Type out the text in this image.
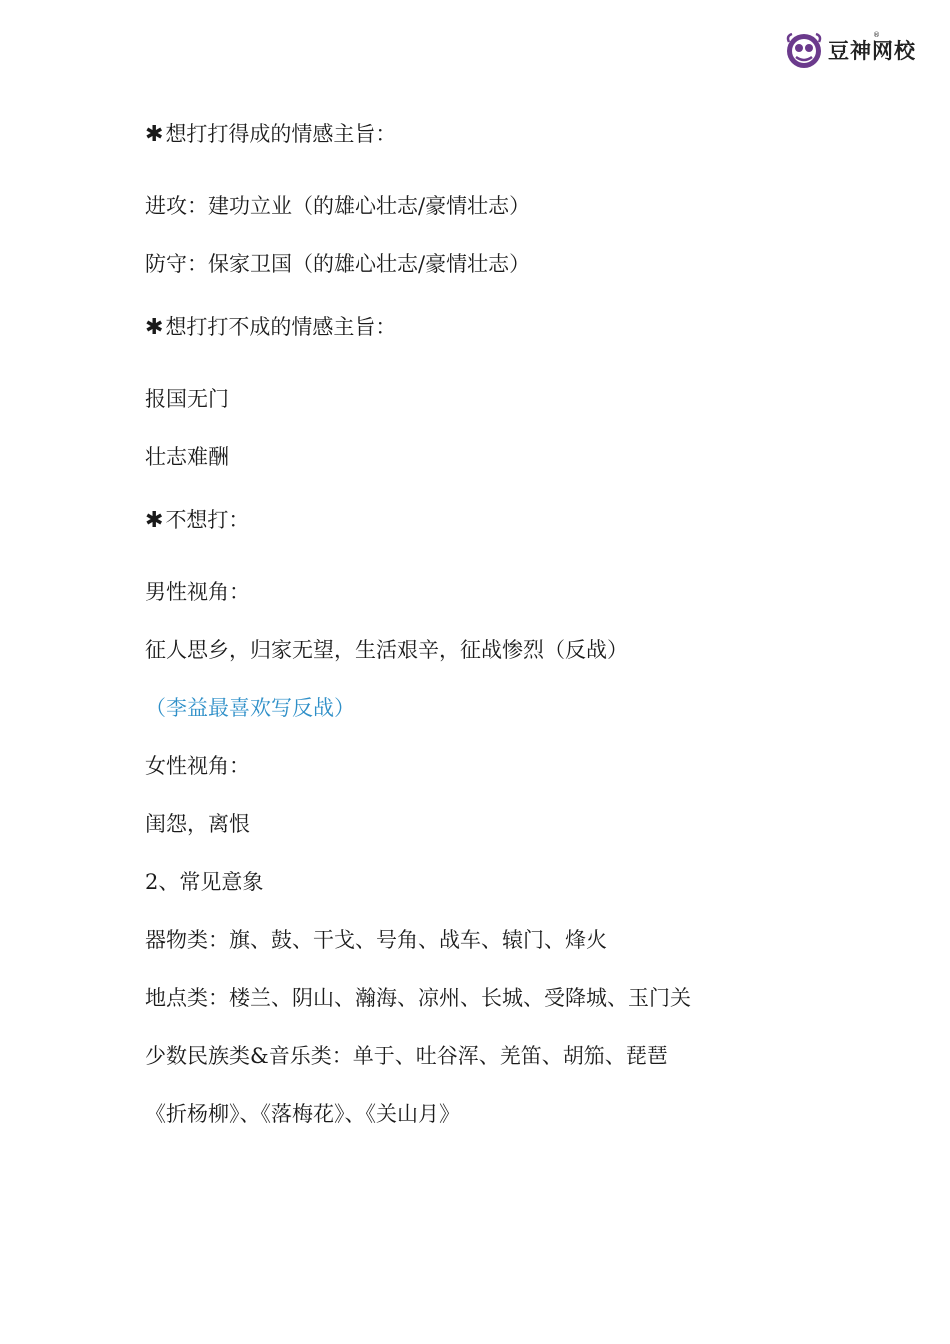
豆神网校
®
✱想打打得成的情感主旨：
进攻：建功立业（的雄心壮志/豪情壮志）
防守：保家卫国（的雄心壮志/豪情壮志）
✱想打打不成的情感主旨：
报国无门
壮志难酬
✱不想打：
男性视角：
征人思乡，归家无望，生活艰辛，征战惨烈（反战）
（李益最喜欢写反战）
女性视角：
闺怨，离恨
2、常见意象
器物类：旗、鼓、干戈、号角、战车、辕门、烽火
地点类：楼兰、阴山、瀚海、凉州、长城、受降城、玉门关
少数民族类&音乐类：单于、吐谷浑、羌笛、胡笳、琵琶
《折杨柳》、《落梅花》、《关山月》
